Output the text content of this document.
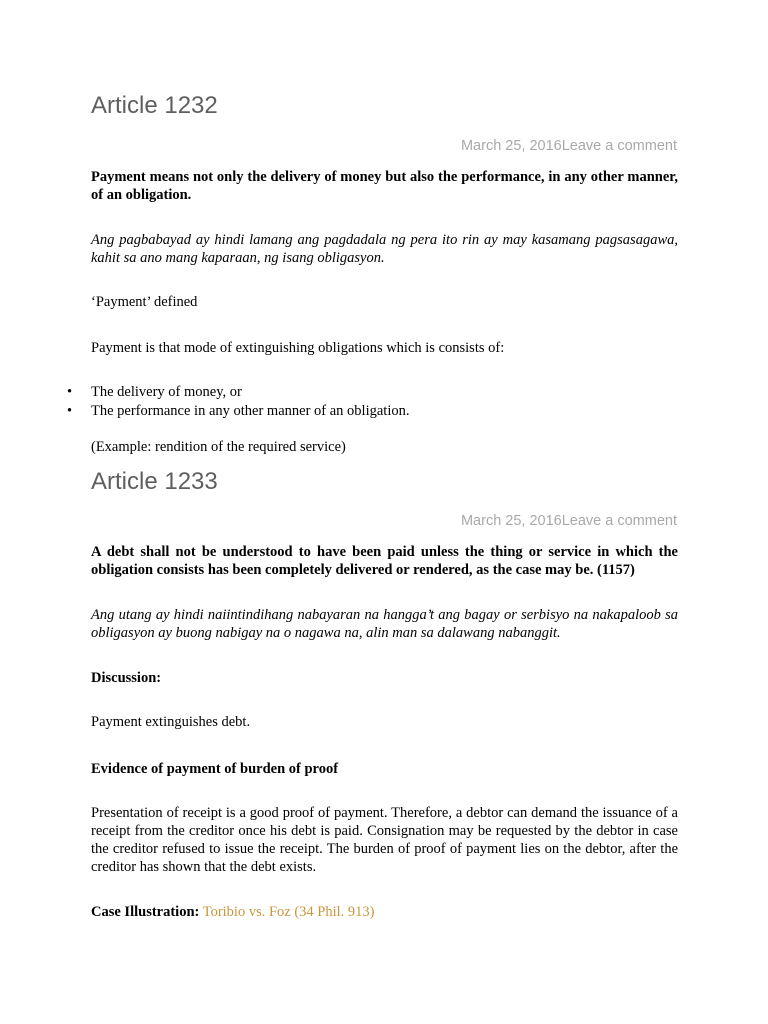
Article 1232
March 25, 2016Leave a comment

Payment means not only the delivery of money but also the performance, in any other manner, of an obligation.

Ang pagbabayad ay hindi lamang ang pagdadala ng pera ito rin ay may kasamang pagsasagawa, kahit sa ano mang kaparaan, ng isang obligasyon.

‘Payment’ defined

Payment is that mode of extinguishing obligations which is consists of:

• The delivery of money, or
• The performance in any other manner of an obligation.

(Example: rendition of the required service)

Article 1233
March 25, 2016Leave a comment

A debt shall not be understood to have been paid unless the thing or service in which the obligation consists has been completely delivered or rendered, as the case may be. (1157)

Ang utang ay hindi naiintindihang nabayaran na hangga’t ang bagay or serbisyo na nakapaloob sa obligasyon ay buong nabigay na o nagawa na, alin man sa dalawang nabanggit.

Discussion:

Payment extinguishes debt.

Evidence of payment of burden of proof

Presentation of receipt is a good proof of payment. Therefore, a debtor can demand the issuance of a receipt from the creditor once his debt is paid. Consignation may be requested by the debtor in case the creditor refused to issue the receipt. The burden of proof of payment lies on the debtor, after the creditor has shown that the debt exists.

Case Illustration: Toribio vs. Foz (34 Phil. 913)
